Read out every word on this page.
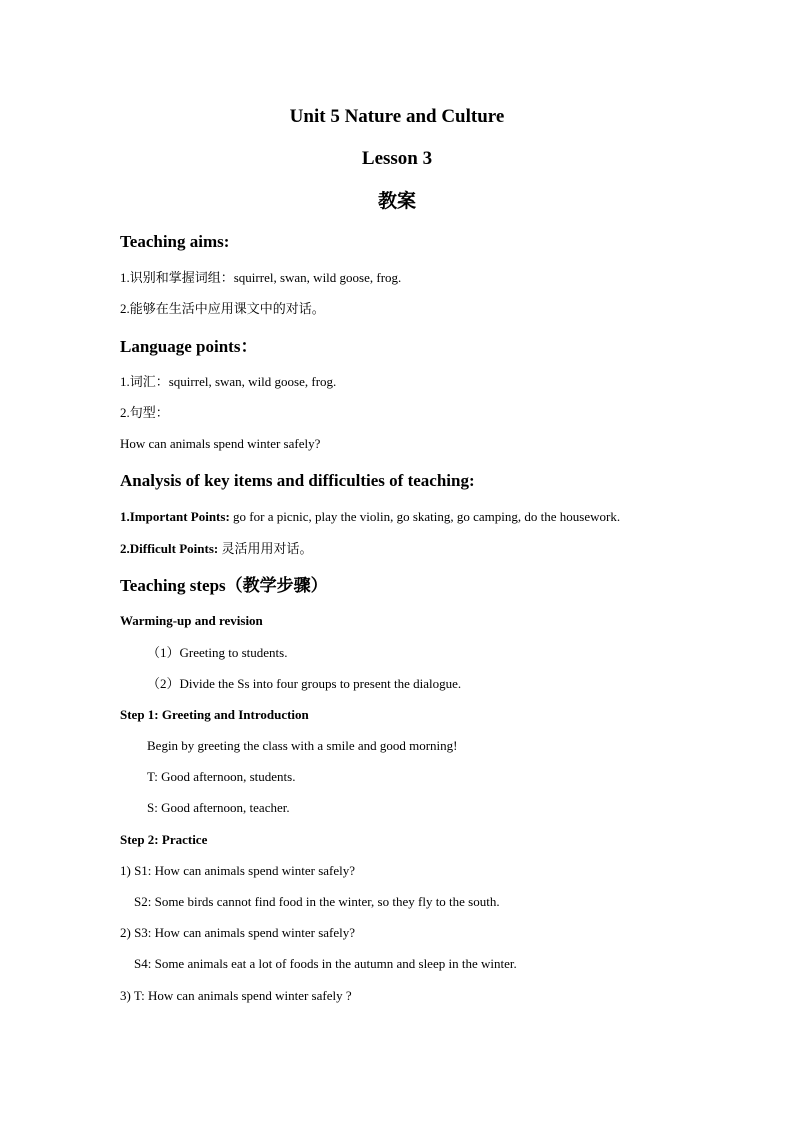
Unit 5 Nature and Culture
Lesson 3
教案
Teaching aims:

1.识别和掌握词组：squirrel, swan, wild goose, frog.

2.能够在生活中应用课文中的对话。

Language points：

1.词汇：squirrel, swan, wild goose, frog.

2.句型：

How can animals spend winter safely?

Analysis of key items and difficulties of teaching:

1.Important Points: go for a picnic, play the violin, go skating, go camping, do the housework.

2.Difficult Points: 灵活用用对话。

Teaching steps（教学步骤）

Warming-up and revision

（1）Greeting to students.

（2）Divide the Ss into four groups to present the dialogue.

Step 1: Greeting and Introduction

Begin by greeting the class with a smile and good morning!

T: Good afternoon, students.

S: Good afternoon, teacher.

Step 2: Practice

1) S1: How can animals spend winter safely?

S2: Some birds cannot find food in the winter, so they fly to the south.

2) S3: How can animals spend winter safely?

S4: Some animals eat a lot of foods in the autumn and sleep in the winter.

3) T: How can animals spend winter safely ?
